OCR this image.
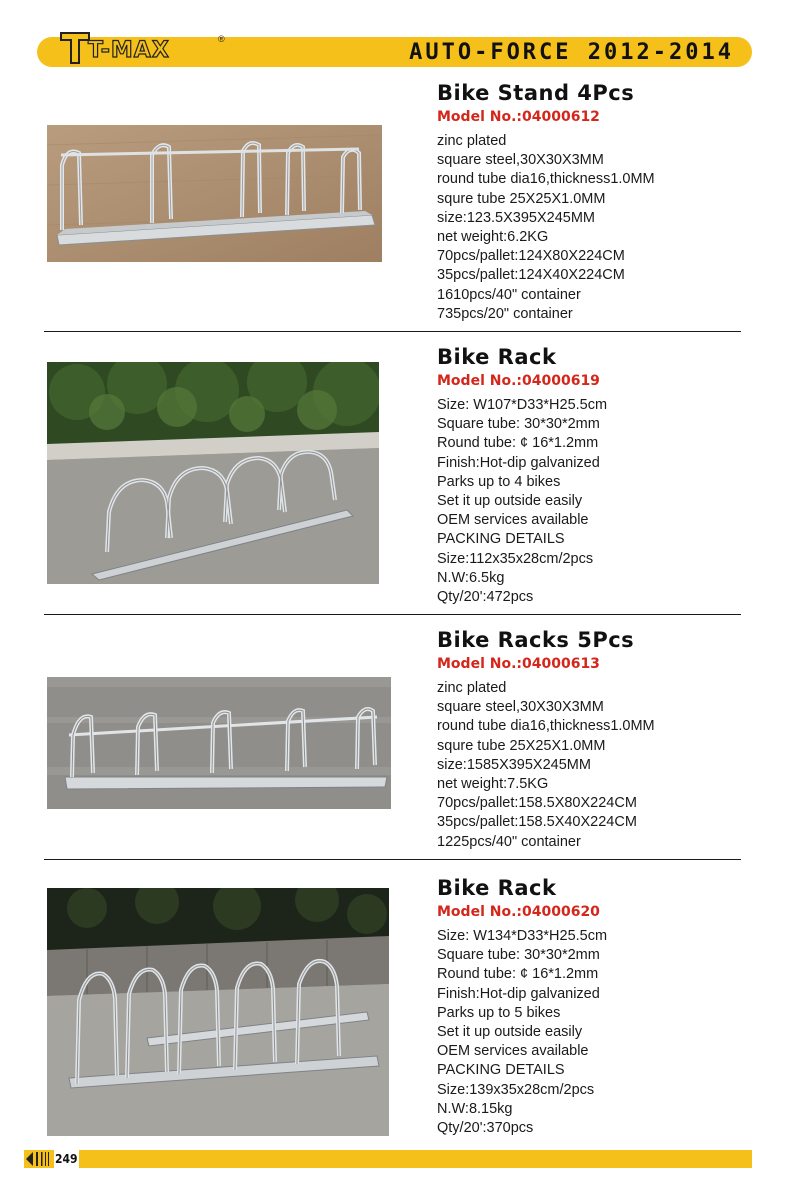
T-MAX	®
AUTO-FORCE 2012-2014
Bike Stand 4Pcs
Model No.:04000612
zinc plated
square steel,30X30X3MM
round tube dia16,thickness1.0MM
squre tube 25X25X1.0MM
size:123.5X395X245MM
net weight:6.2KG
70pcs/pallet:124X80X224CM
35pcs/pallet:124X40X224CM
1610pcs/40" container
735pcs/20" container
Bike Rack
Model No.:04000619
Size: W107*D33*H25.5cm
Square tube: 30*30*2mm
Round tube: ¢ 16*1.2mm
Finish:Hot-dip galvanized
Parks up to 4 bikes
Set it up outside easily
OEM services available
PACKING DETAILS
Size:112x35x28cm/2pcs
N.W:6.5kg
Qty/20':472pcs
Bike Racks 5Pcs
Model No.:04000613
zinc plated
square steel,30X30X3MM
round tube dia16,thickness1.0MM
squre tube 25X25X1.0MM
size:1585X395X245MM
net weight:7.5KG
70pcs/pallet:158.5X80X224CM
35pcs/pallet:158.5X40X224CM
1225pcs/40" container
Bike Rack
Model No.:04000620
Size: W134*D33*H25.5cm
Square tube: 30*30*2mm
Round tube: ¢ 16*1.2mm
Finish:Hot-dip galvanized
Parks up to 5 bikes
Set it up outside easily
OEM services available
PACKING DETAILS
Size:139x35x28cm/2pcs
N.W:8.15kg
Qty/20':370pcs
249
